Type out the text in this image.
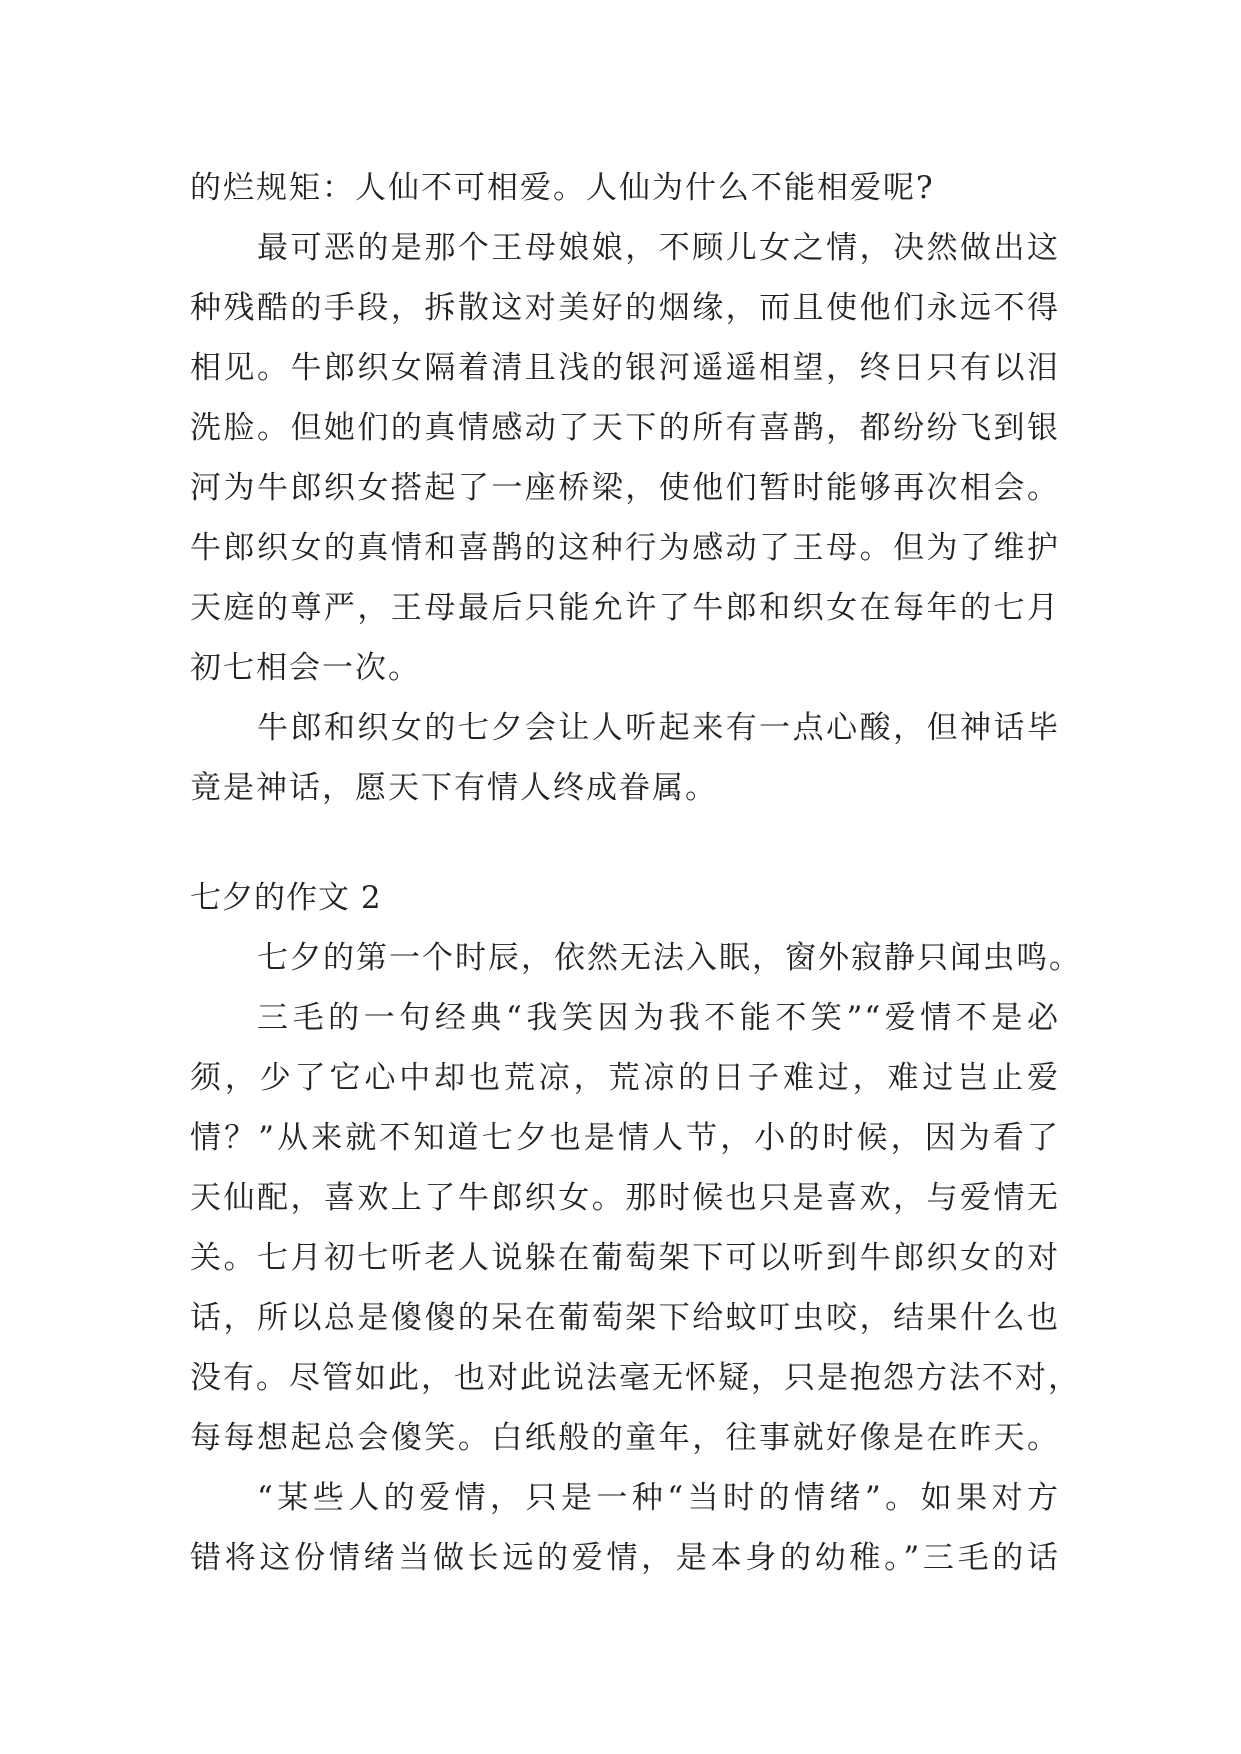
的烂规矩：人仙不可相爱。人仙为什么不能相爱呢?
最可恶的是那个王母娘娘，不顾儿女之情，决然做出这
种残酷的手段，拆散这对美好的烟缘，而且使他们永远不得
相见。牛郎织女隔着清且浅的银河遥遥相望，终日只有以泪
洗脸。但她们的真情感动了天下的所有喜鹊，都纷纷飞到银
河为牛郎织女搭起了一座桥梁，使他们暂时能够再次相会。
牛郎织女的真情和喜鹊的这种行为感动了王母。但为了维护
天庭的尊严，王母最后只能允许了牛郎和织女在每年的七月
初七相会一次。
牛郎和织女的七夕会让人听起来有一点心酸，但神话毕
竟是神话，愿天下有情人终成眷属。
七夕的作文 2
七夕的第一个时辰，依然无法入眠，窗外寂静只闻虫鸣。
三毛的一句经典“我笑因为我不能不笑”“爱情不是必
须，少了它心中却也荒凉，荒凉的日子难过，难过岂止爱
情？”从来就不知道七夕也是情人节，小的时候，因为看了
天仙配，喜欢上了牛郎织女。那时候也只是喜欢，与爱情无
关。七月初七听老人说躲在葡萄架下可以听到牛郎织女的对
话，所以总是傻傻的呆在葡萄架下给蚊叮虫咬，结果什么也
没有。尽管如此，也对此说法毫无怀疑，只是抱怨方法不对，
每每想起总会傻笑。白纸般的童年，往事就好像是在昨天。
“某些人的爱情，只是一种“当时的情绪”。如果对方
错将这份情绪当做长远的爱情，是本身的幼稚。”三毛的话
